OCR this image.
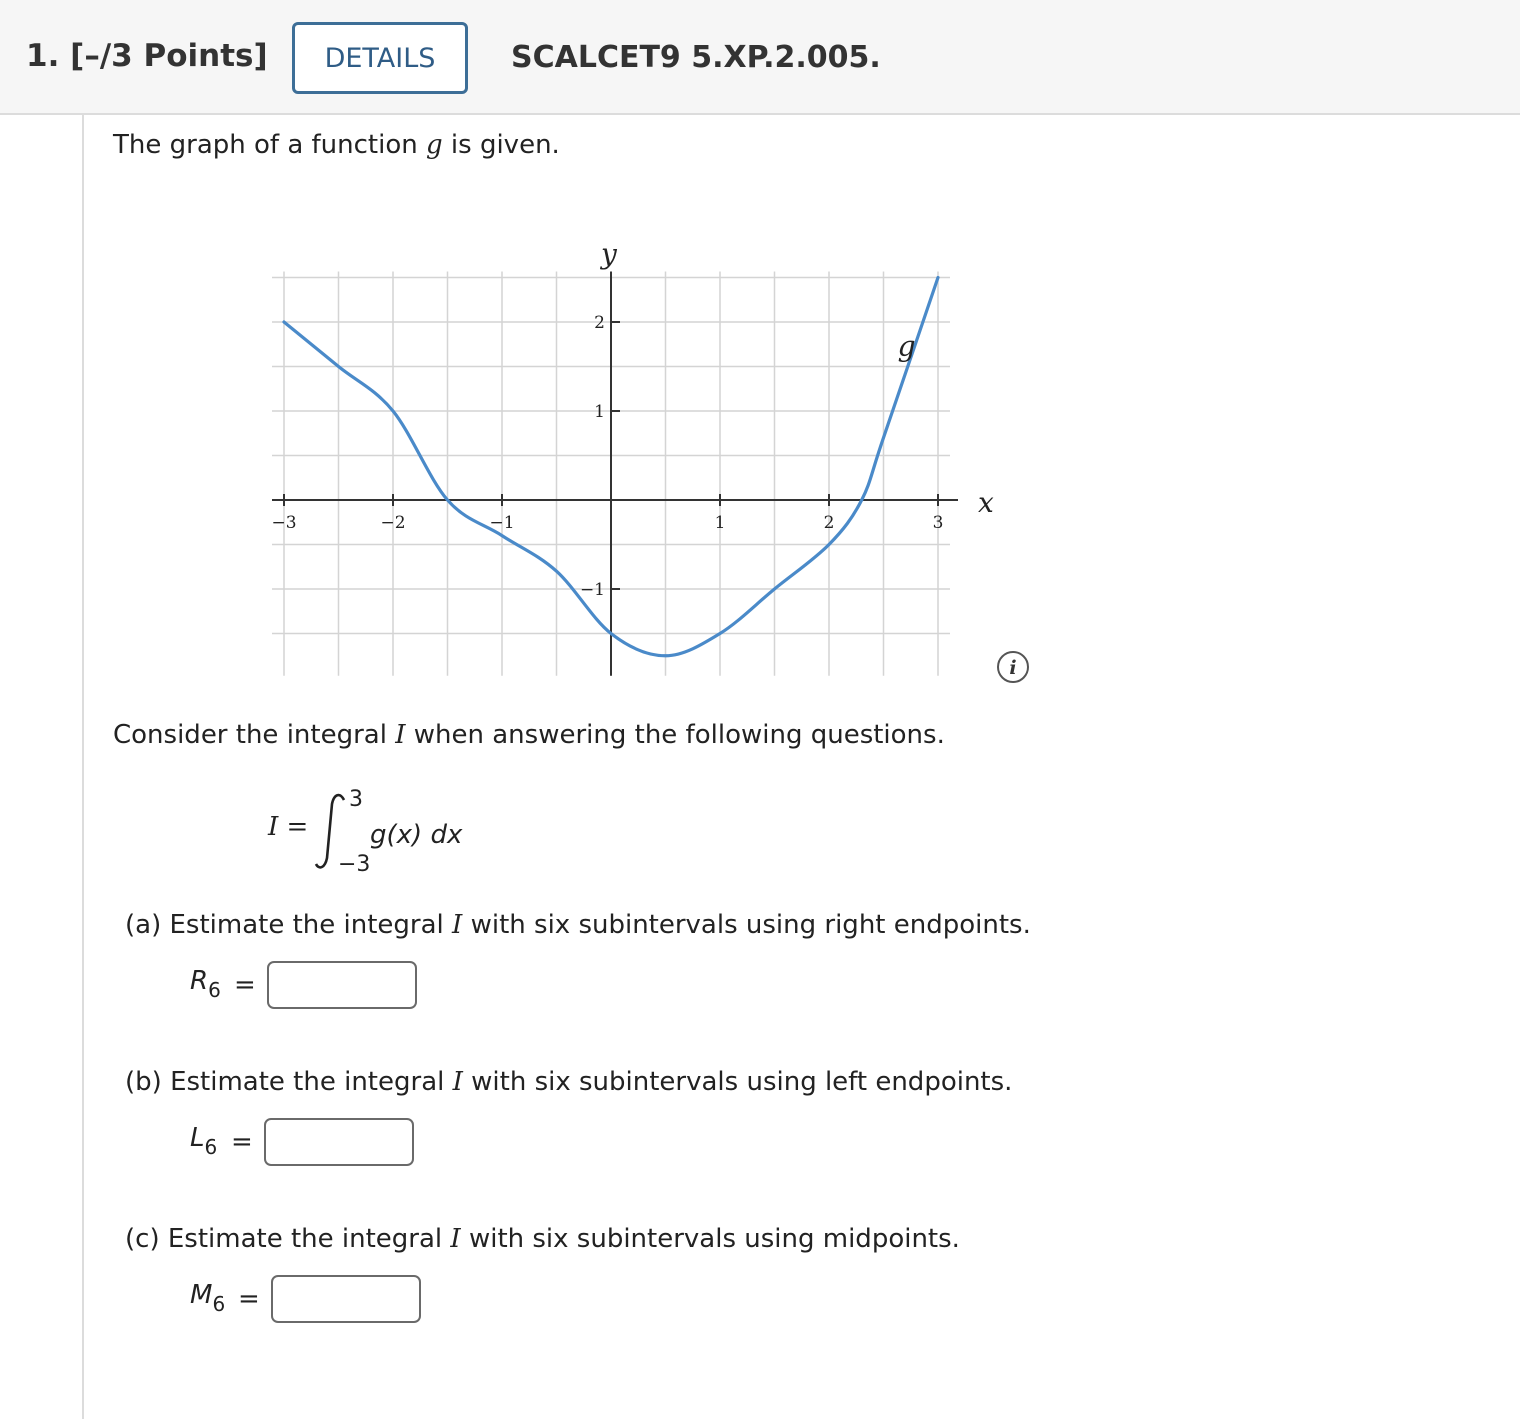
1. [–/3 Points]	DETAILS	SCALCET9 5.XP.2.005.
The graph of a function g is given.
x
y
−3	−2	−1	1	2	3
2
1
−1
g
i
Consider the integral I when answering the following questions.
I =
3
−3
g(x) dx
(a) Estimate the integral I with six subintervals using right endpoints.
$R_6$ =
(b) Estimate the integral I with six subintervals using left endpoints.
$L_6$ =
(c) Estimate the integral I with six subintervals using midpoints.
$M_6$ =
